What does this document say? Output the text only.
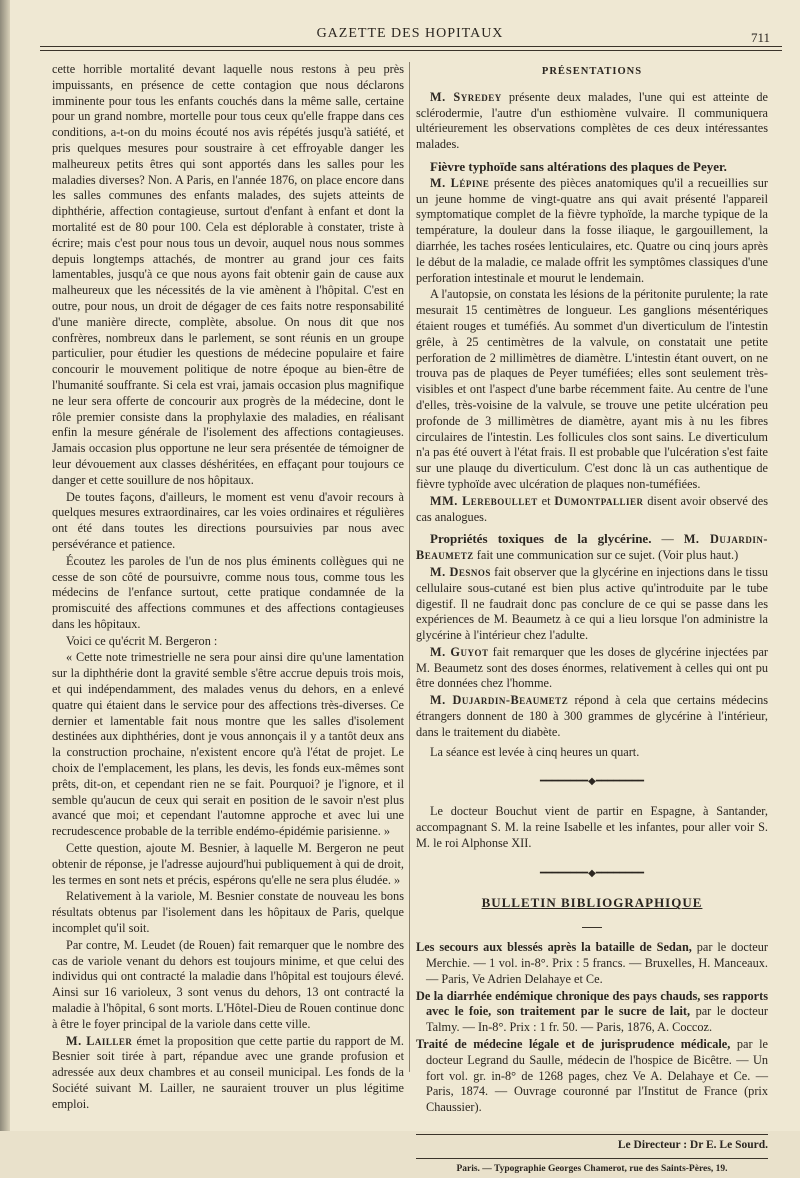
GAZETTE DES HOPITAUX	711

cette horrible mortalité devant laquelle nous restons à peu près impuissants, en présence de cette contagion que nous déclarons imminente pour tous les enfants couchés dans la même salle, certaine pour un grand nombre, mortelle pour tous ceux qu'elle frappe dans ces conditions, a-t-on du moins écouté nos avis répétés jusqu'à satiété, et pris quelques mesures pour soustraire à cet effroyable danger les malheureux petits êtres qui sont apportés dans les salles pour les maladies diverses? Non. A Paris, en l'année 1876, on place encore dans les salles communes des enfants malades, des sujets atteints de diphthérie, affection contagieuse, surtout d'enfant à enfant et dont la mortalité est de 80 pour 100. Cela est déplorable à constater, triste à écrire; mais c'est pour nous tous un devoir, auquel nous nous sommes depuis longtemps attachés, de montrer au grand jour ces faits lamentables, jusqu'à ce que nous ayons fait obtenir gain de cause aux malheureux que les nécessités de la vie amènent à l'hôpital. C'est en outre, pour nous, un droit de dégager de ces faits notre responsabilité d'une manière directe, complète, absolue. On nous dit que nos confrères, nombreux dans le parlement, se sont réunis en un groupe particulier, pour étudier les questions de médecine populaire et faire concourir le mouvement politique de notre époque au bien-être de l'humanité souffrante. Si cela est vrai, jamais occasion plus magnifique ne leur sera offerte de concourir aux progrès de la médecine, dont le rôle premier consiste dans la prophylaxie des maladies, en réalisant enfin la mesure générale de l'isolement des affections contagieuses. Jamais occasion plus opportune ne leur sera présentée de témoigner de leur dévouement aux classes déshéritées, en effaçant pour toujours ce danger et cette souillure de nos hôpitaux.

De toutes façons, d'ailleurs, le moment est venu d'avoir recours à quelques mesures extraordinaires, car les voies ordinaires et régulières ont été dans toutes les directions poursuivies par nous avec persévérance et patience.

Écoutez les paroles de l'un de nos plus éminents collègues qui ne cesse de son côté de poursuivre, comme nous tous, comme tous les médecins de l'enfance surtout, cette pratique condamnée de la promiscuité des affections communes et des affections contagieuses dans les hôpitaux.

Voici ce qu'écrit M. Bergeron :

« Cette note trimestrielle ne sera pour ainsi dire qu'une lamentation sur la diphthérie dont la gravité semble s'être accrue depuis trois mois, et qui indépendamment, des malades venus du dehors, en a enlevé quatre qui étaient dans le service pour des affections très-diverses. Ce dernier et lamentable fait nous montre que les salles d'isolement destinées aux diphthéries, dont je vous annonçais il y a tantôt deux ans la construction prochaine, n'existent encore qu'à l'état de projet. Le choix de l'emplacement, les plans, les devis, les fonds eux-mêmes sont prêts, dit-on, et cependant rien ne se fait. Pourquoi? je l'ignore, et il semble qu'aucun de ceux qui serait en position de le savoir n'est plus avancé que moi; et cependant l'automne approche et avec lui une recrudescence probable de la terrible endémo-épidémie parisienne. »

Cette question, ajoute M. Besnier, à laquelle M. Bergeron ne peut obtenir de réponse, je l'adresse aujourd'hui publiquement à qui de droit, les termes en sont nets et précis, espérons qu'elle ne sera plus éludée. »

Relativement à la variole, M. Besnier constate de nouveau les bons résultats obtenus par l'isolement dans les hôpitaux de Paris, quelque incomplet qu'il soit.

Par contre, M. Leudet (de Rouen) fait remarquer que le nombre des cas de variole venant du dehors est toujours minime, et que celui des individus qui ont contracté la maladie dans l'hôpital est toujours élevé. Ainsi sur 16 varioleux, 3 sont venus du dehors, 13 ont contracté la maladie à l'hôpital, 6 sont morts. L'Hôtel-Dieu de Rouen continue donc à être le foyer principal de la variole dans cette ville.

M. Lailler émet la proposition que cette partie du rapport de M. Besnier soit tirée à part, répandue avec une grande profusion et adressée aux deux chambres et au conseil municipal. Les fonds de la Société suivant M. Lailler, ne sauraient trouver un plus légitime emploi.

PRÉSENTATIONS

M. Syredey présente deux malades, l'une qui est atteinte de sclérodermie, l'autre d'un esthiomène vulvaire. Il communiquera ultérieurement les observations complètes de ces deux intéressantes malades.

Fièvre typhoïde sans altérations des plaques de Peyer.

M. Lépine présente des pièces anatomiques qu'il a recueillies sur un jeune homme de vingt-quatre ans qui avait présenté l'appareil symptomatique complet de la fièvre typhoïde, la marche typique de la température, la douleur dans la fosse iliaque, le gargouillement, la diarrhée, les taches rosées lenticulaires, etc. Quatre ou cinq jours après le début de la maladie, ce malade offrit les symptômes classiques d'une perforation intestinale et mourut le lendemain.

A l'autopsie, on constata les lésions de la péritonite purulente; la rate mesurait 15 centimètres de longueur. Les ganglions mésentériques étaient rouges et tuméfiés. Au sommet d'un diverticulum de l'intestin grêle, à 25 centimètres de la valvule, on constatait une petite perforation de 2 millimètres de diamètre. L'intestin étant ouvert, on ne trouva pas de plaques de Peyer tuméfiées; elles sont seulement très-visibles et ont l'aspect d'une barbe récemment faite. Au centre de l'une d'elles, très-voisine de la valvule, se trouve une petite ulcération peu profonde de 3 millimètres de diamètre, ayant mis à nu les fibres circulaires de l'intestin. Les follicules clos sont sains. Le diverticulum n'a pas été ouvert à l'état frais. Il est probable que l'ulcération s'est faite sur une plauqe du diverticulum. C'est donc là un cas authentique de fièvre typhoïde avec ulcération de plaques non-tuméfiées.

MM. Lereboullet et Dumontpallier disent avoir observé des cas analogues.

Propriétés toxiques de la glycérine. — M. Dujardin-Beaumetz fait une communication sur ce sujet. (Voir plus haut.)

M. Desnos fait observer que la glycérine en injections dans le tissu cellulaire sous-cutané est bien plus active qu'introduite par le tube digestif. Il ne faudrait donc pas conclure de ce qui se passe dans les expériences de M. Beaumetz à ce qui a lieu lorsque l'on administre la glycérine à l'intérieur chez l'adulte.

M. Guyot fait remarquer que les doses de glycérine injectées par M. Beaumetz sont des doses énormes, relativement à celles qui ont pu être données chez l'homme.

M. Dujardin-Beaumetz répond à cela que certains médecins étrangers donnent de 180 à 300 grammes de glycérine à l'intérieur, dans le traitement du diabète.

La séance est levée à cinq heures un quart.

━━━━━━━━◆━━━━━━━━

Le docteur Bouchut vient de partir en Espagne, à Santander, accompagnant S. M. la reine Isabelle et les infantes, pour aller voir S. M. le roi Alphonse XII.

━━━━━━━━◆━━━━━━━━
BULLETIN BIBLIOGRAPHIQUE

Les secours aux blessés après la bataille de Sedan, par le docteur Merchie. — 1 vol. in-8°. Prix : 5 francs. — Bruxelles, H. Manceaux. — Paris, Ve Adrien Delahaye et Ce.

De la diarrhée endémique chronique des pays chauds, ses rapports avec le foie, son traitement par le sucre de lait, par le docteur Talmy. — In-8°. Prix : 1 fr. 50. — Paris, 1876, A. Coccoz.

Traité de médecine légale et de jurisprudence médicale, par le docteur Legrand du Saulle, médecin de l'hospice de Bicêtre. — Un fort vol. gr. in-8° de 1268 pages, chez Ve A. Delahaye et Ce. — Paris, 1874. — Ouvrage couronné par l'Institut de France (prix Chaussier).

Le Directeur : Dr E. Le Sourd.
Paris. — Typographie Georges Chamerot, rue des Saints-Pères, 19.
